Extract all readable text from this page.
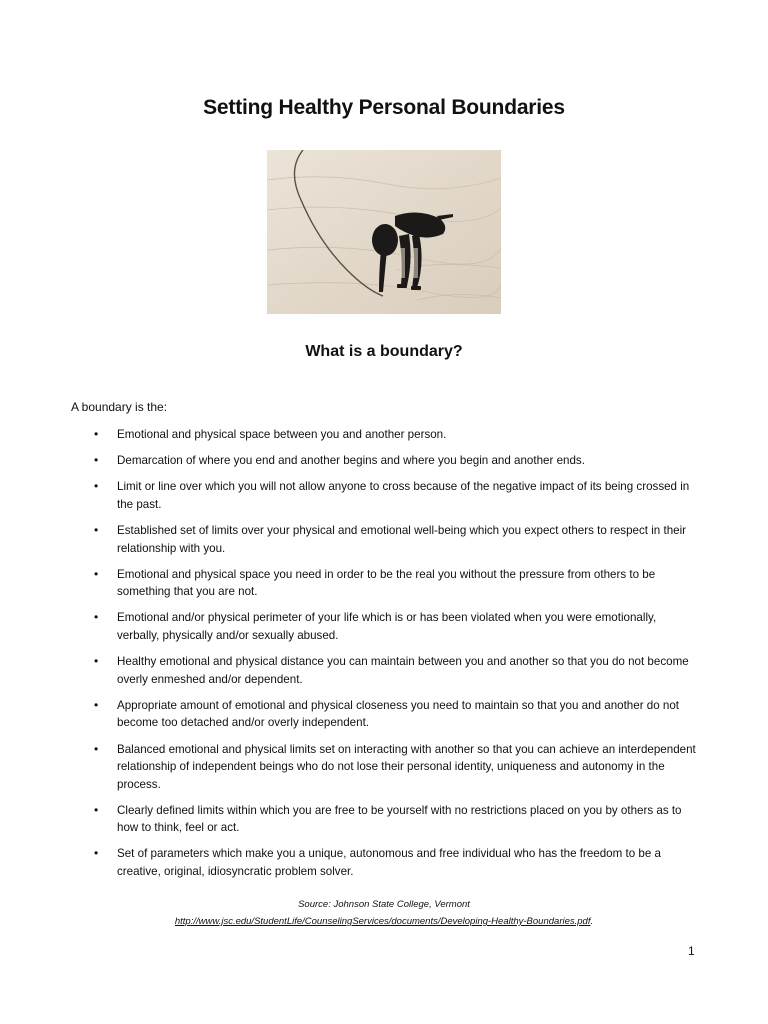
Setting Healthy Personal Boundaries
What is a boundary?
A boundary is the:
• Emotional and physical space between you and another person.
• Demarcation of where you end and another begins and where you begin and another ends.
• Limit or line over which you will not allow anyone to cross because of the negative impact of its being crossed in the past.
• Established set of limits over your physical and emotional well-being which you expect others to respect in their relationship with you.
• Emotional and physical space you need in order to be the real you without the pressure from others to be something that you are not.
• Emotional and/or physical perimeter of your life which is or has been violated when you were emotionally, verbally, physically and/or sexually abused.
• Healthy emotional and physical distance you can maintain between you and another so that you do not become overly enmeshed and/or dependent.
• Appropriate amount of emotional and physical closeness you need to maintain so that you and another do not become too detached and/or overly independent.
• Balanced emotional and physical limits set on interacting with another so that you can achieve an interdependent relationship of independent beings who do not lose their personal identity, uniqueness and autonomy in the process.
• Clearly defined limits within which you are free to be yourself with no restrictions placed on you by others as to how to think, feel or act.
• Set of parameters which make you a unique, autonomous and free individual who has the freedom to be a creative, original, idiosyncratic problem solver.
Source: Johnson State College, Vermont
http://www.jsc.edu/StudentLife/CounselingServices/documents/Developing-Healthy-Boundaries.pdf.
1
